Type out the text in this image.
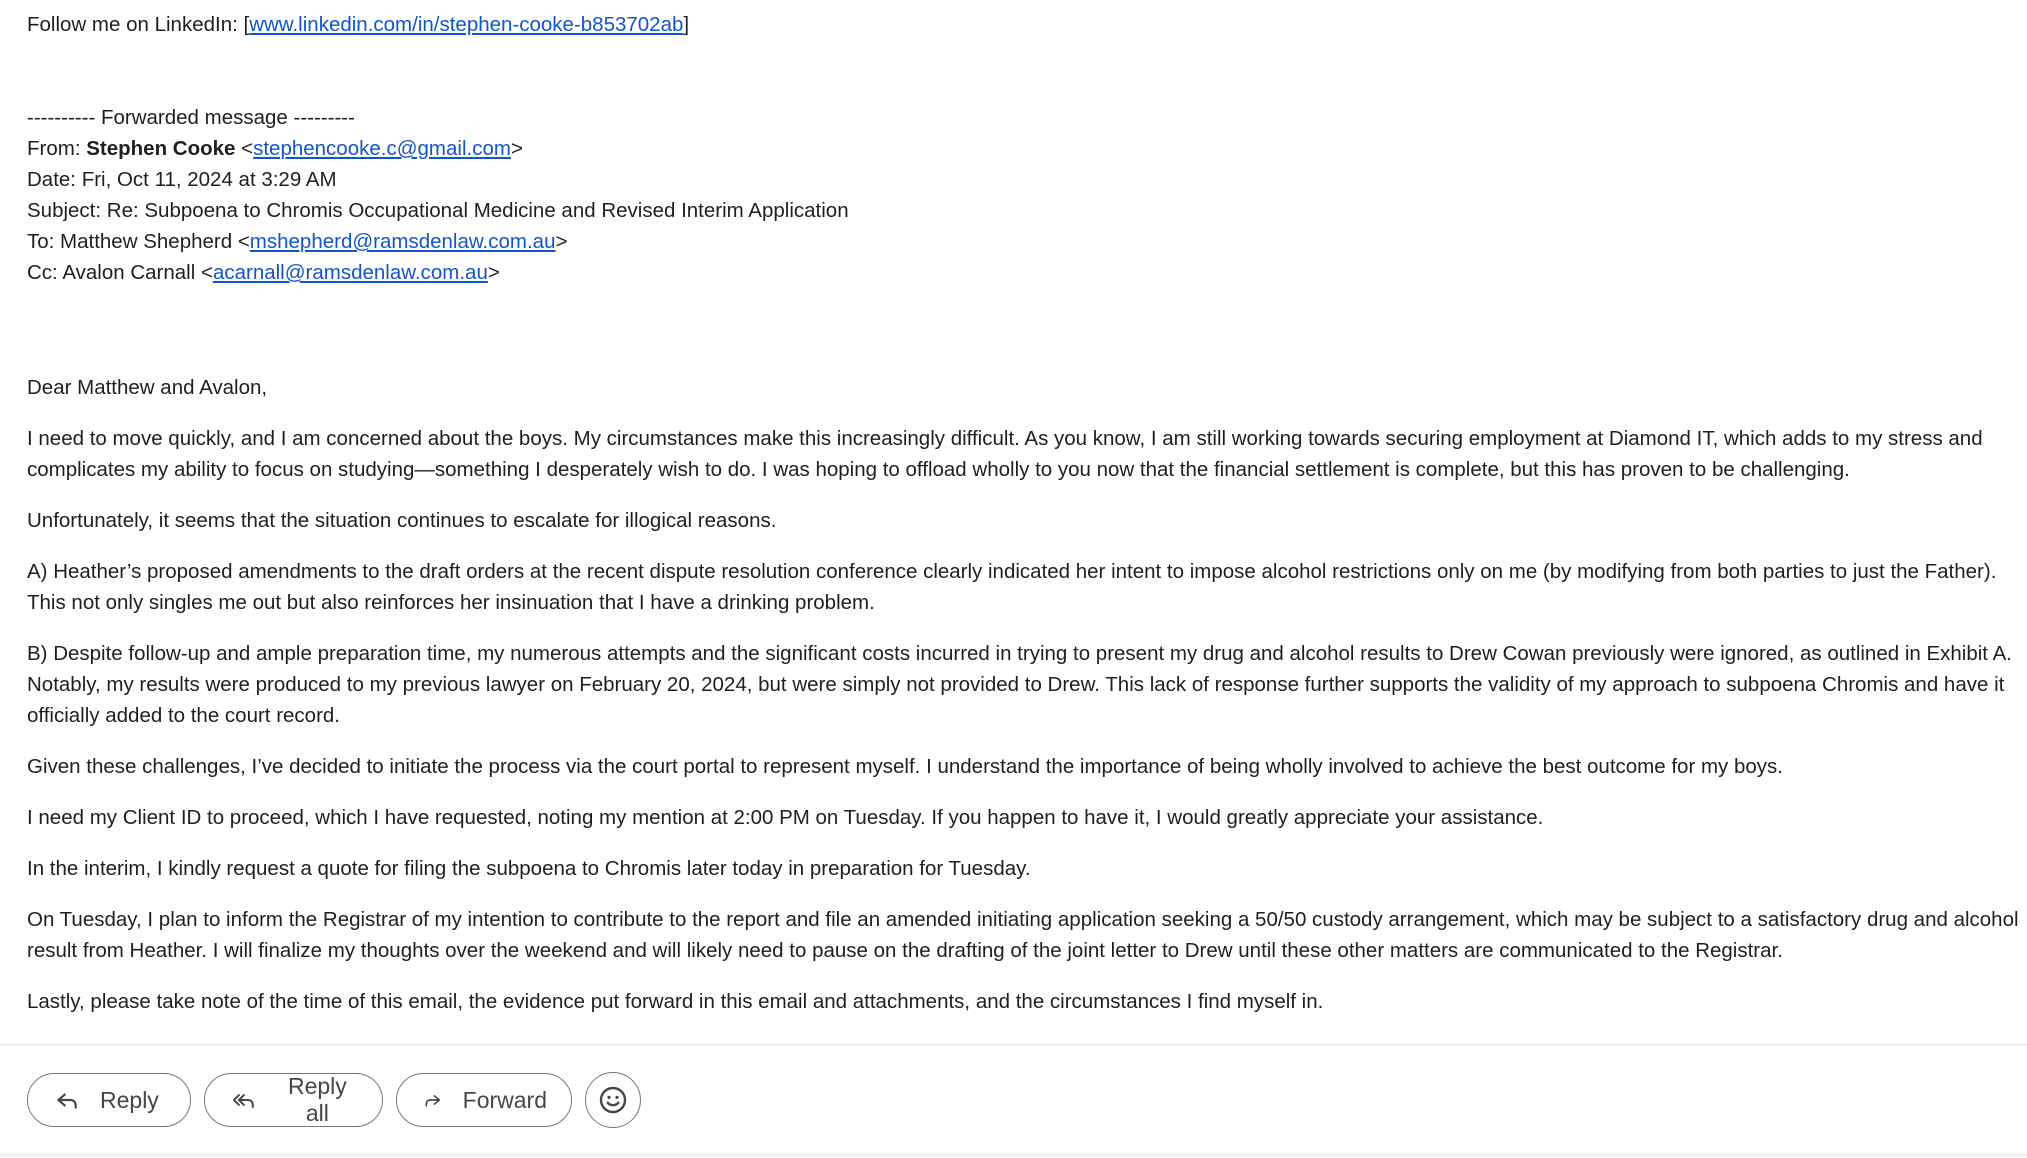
Follow me on LinkedIn: [www.linkedin.com/in/stephen-cooke-b853702ab]
---------- Forwarded message ---------
From: Stephen Cooke <stephencooke.c@gmail.com>
Date: Fri, Oct 11, 2024 at 3:29 AM
Subject: Re: Subpoena to Chromis Occupational Medicine and Revised Interim Application
To: Matthew Shepherd <mshepherd@ramsdenlaw.com.au>
Cc: Avalon Carnall <acarnall@ramsdenlaw.com.au>
Dear Matthew and Avalon,

I need to move quickly, and I am concerned about the boys. My circumstances make this increasingly difficult. As you know, I am still working towards securing employment at Diamond IT, which adds to my stress and complicates my ability to focus on studying—something I desperately wish to do. I was hoping to offload wholly to you now that the financial settlement is complete, but this has proven to be challenging.

Unfortunately, it seems that the situation continues to escalate for illogical reasons.

A) Heather’s proposed amendments to the draft orders at the recent dispute resolution conference clearly indicated her intent to impose alcohol restrictions only on me (by modifying from both parties to just the Father). This not only singles me out but also reinforces her insinuation that I have a drinking problem.

B) Despite follow-up and ample preparation time, my numerous attempts and the significant costs incurred in trying to present my drug and alcohol results to Drew Cowan previously were ignored, as outlined in Exhibit A. Notably, my results were produced to my previous lawyer on February 20, 2024, but were simply not provided to Drew. This lack of response further supports the validity of my approach to subpoena Chromis and have it officially added to the court record.

Given these challenges, I’ve decided to initiate the process via the court portal to represent myself. I understand the importance of being wholly involved to achieve the best outcome for my boys.

I need my Client ID to proceed, which I have requested, noting my mention at 2:00 PM on Tuesday. If you happen to have it, I would greatly appreciate your assistance.

In the interim, I kindly request a quote for filing the subpoena to Chromis later today in preparation for Tuesday.

On Tuesday, I plan to inform the Registrar of my intention to contribute to the report and file an amended initiating application seeking a 50/50 custody arrangement, which may be subject to a satisfactory drug and alcohol result from Heather. I will finalize my thoughts over the weekend and will likely need to pause on the drafting of the joint letter to Drew until these other matters are communicated to the Registrar.

Lastly, please take note of the time of this email, the evidence put forward in this email and attachments, and the circumstances I find myself in.

Reply
Reply all
Forward
